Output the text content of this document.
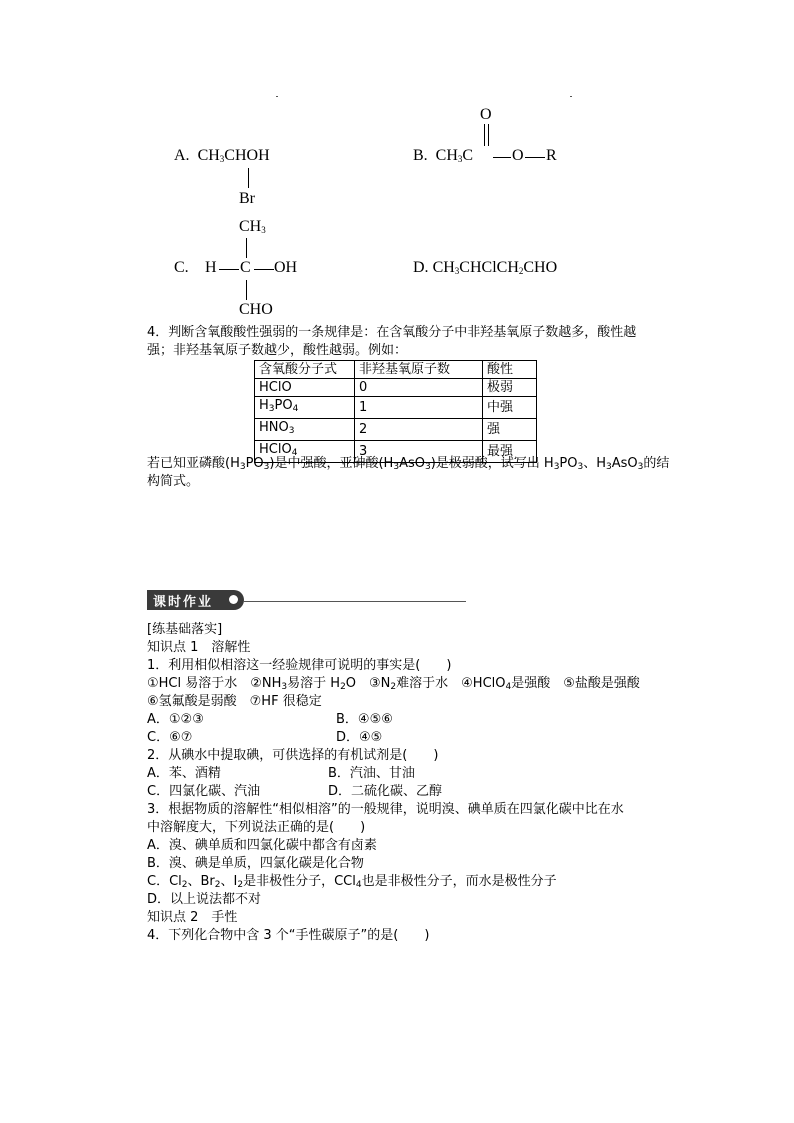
A. $CH_3CHOH$
Br
O
B. $CH_3C$ O R
$CH_3$
C. H C OH
CHO
D. $CH_3CHClCH_2CHO$
4．判断含氧酸酸性强弱的一条规律是：在含氧酸分子中非羟基氧原子数越多，酸性越
强；非羟基氧原子数越少，酸性越弱。例如：
含氧酸分子式	非羟基氧原子数	酸性
HClO	0	极弱
$H_3PO_4$	1	中强
$HNO_3$	2	强
HClO$_4$	3	最强
若已知亚磷酸$(H_3PO_3)$是中强酸，亚砷酸$(H_3AsO_3)$是极弱酸，试写出 $H_3PO_3$、$H_3AsO_3$的结
构简式。
课时作业
[练基础落实]
知识点 1　溶解性
1．利用相似相溶这一经验规律可说明的事实是(　　)
①HCl 易溶于水　$②NH_3$易溶于 $H_2O$　$③N_2$难溶于水　④HClO$_4$是强酸　⑤盐酸是强酸
⑥氢氟酸是弱酸　⑦HF 很稳定
A．①②③	B．④⑤⑥
C．⑥⑦	D．④⑤
2．从碘水中提取碘，可供选择的有机试剂是(　　)
A．苯、酒精	B．汽油、甘油
C．四氯化碳、汽油	D．二硫化碳、乙醇
3．根据物质的溶解性“相似相溶”的一般规律，说明溴、碘单质在四氯化碳中比在水
中溶解度大，下列说法正确的是(　　)
A．溴、碘单质和四氯化碳中都含有卤素
B．溴、碘是单质，四氯化碳是化合物
C．$Cl_2$、$Br_2$、$I_2$是非极性分子，CCl$_4$也是非极性分子，而水是极性分子
D．以上说法都不对
知识点 2　手性
4．下列化合物中含 3 个“手性碳原子”的是(　　)
